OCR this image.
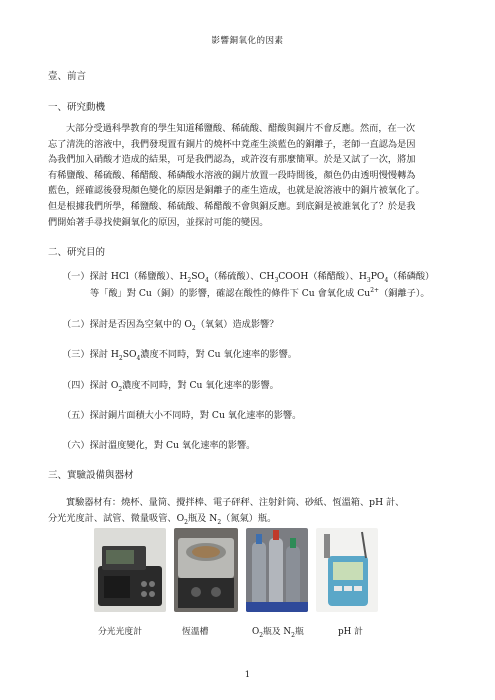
影響銅氧化的因素
壹、前言
一、研究動機
大部分受過科學教育的學生知道稀鹽酸、稀硫酸、醋酸與銅片不會反應。然而，在一次
忘了清洗的溶液中，我們發現置有銅片的燒杯中竟產生淡藍色的銅離子，老師一直認為是因
為我們加入硝酸才造成的結果，可是我們認為，或許沒有那麼簡單。於是又試了一次，將加
有稀鹽酸、稀硫酸、稀醋酸、稀磷酸水溶液的銅片放置一段時間後，顏色仍由透明慢慢轉為
藍色，經確認後發現顏色變化的原因是銅離子的產生造成，也就是說溶液中的銅片被氧化了。
但是根據我們所學，稀鹽酸、稀硫酸、稀醋酸不會與銅反應。到底銅是被誰氧化了？於是我
們開始著手尋找使銅氧化的原因，並探討可能的變因。
二、研究目的
（一）探討 HCl（稀鹽酸）、$H_2SO_4$（稀硫酸）、$CH_3COOH$（稀醋酸）、$H_3PO_4$（稀磷酸）
等「酸」對 Cu（銅）的影響，確認在酸性的條件下 Cu 會氧化成 $Cu^{2+}$（銅離子）。
（二）探討是否因為空氣中的 $O_2$（氧氣）造成影響？
（三）探討 $H_2SO_4$濃度不同時，對 Cu 氧化速率的影響。
（四）探討 $O_2$濃度不同時，對 Cu 氧化速率的影響。
（五）探討銅片面積大小不同時，對 Cu 氧化速率的影響。
（六）探討溫度變化，對 Cu 氧化速率的影響。
三、實驗設備與器材
實驗器材有：燒杯、量筒、攪拌棒、電子砰秤、注射針筒、砂紙、恆溫箱、pH 計、
分光光度計、試管、微量吸管、$O_2$瓶及 $N_2$（氮氣）瓶。
分光光度計	恆溫槽	$O_2$瓶及 $N_2$瓶	pH 計
1
